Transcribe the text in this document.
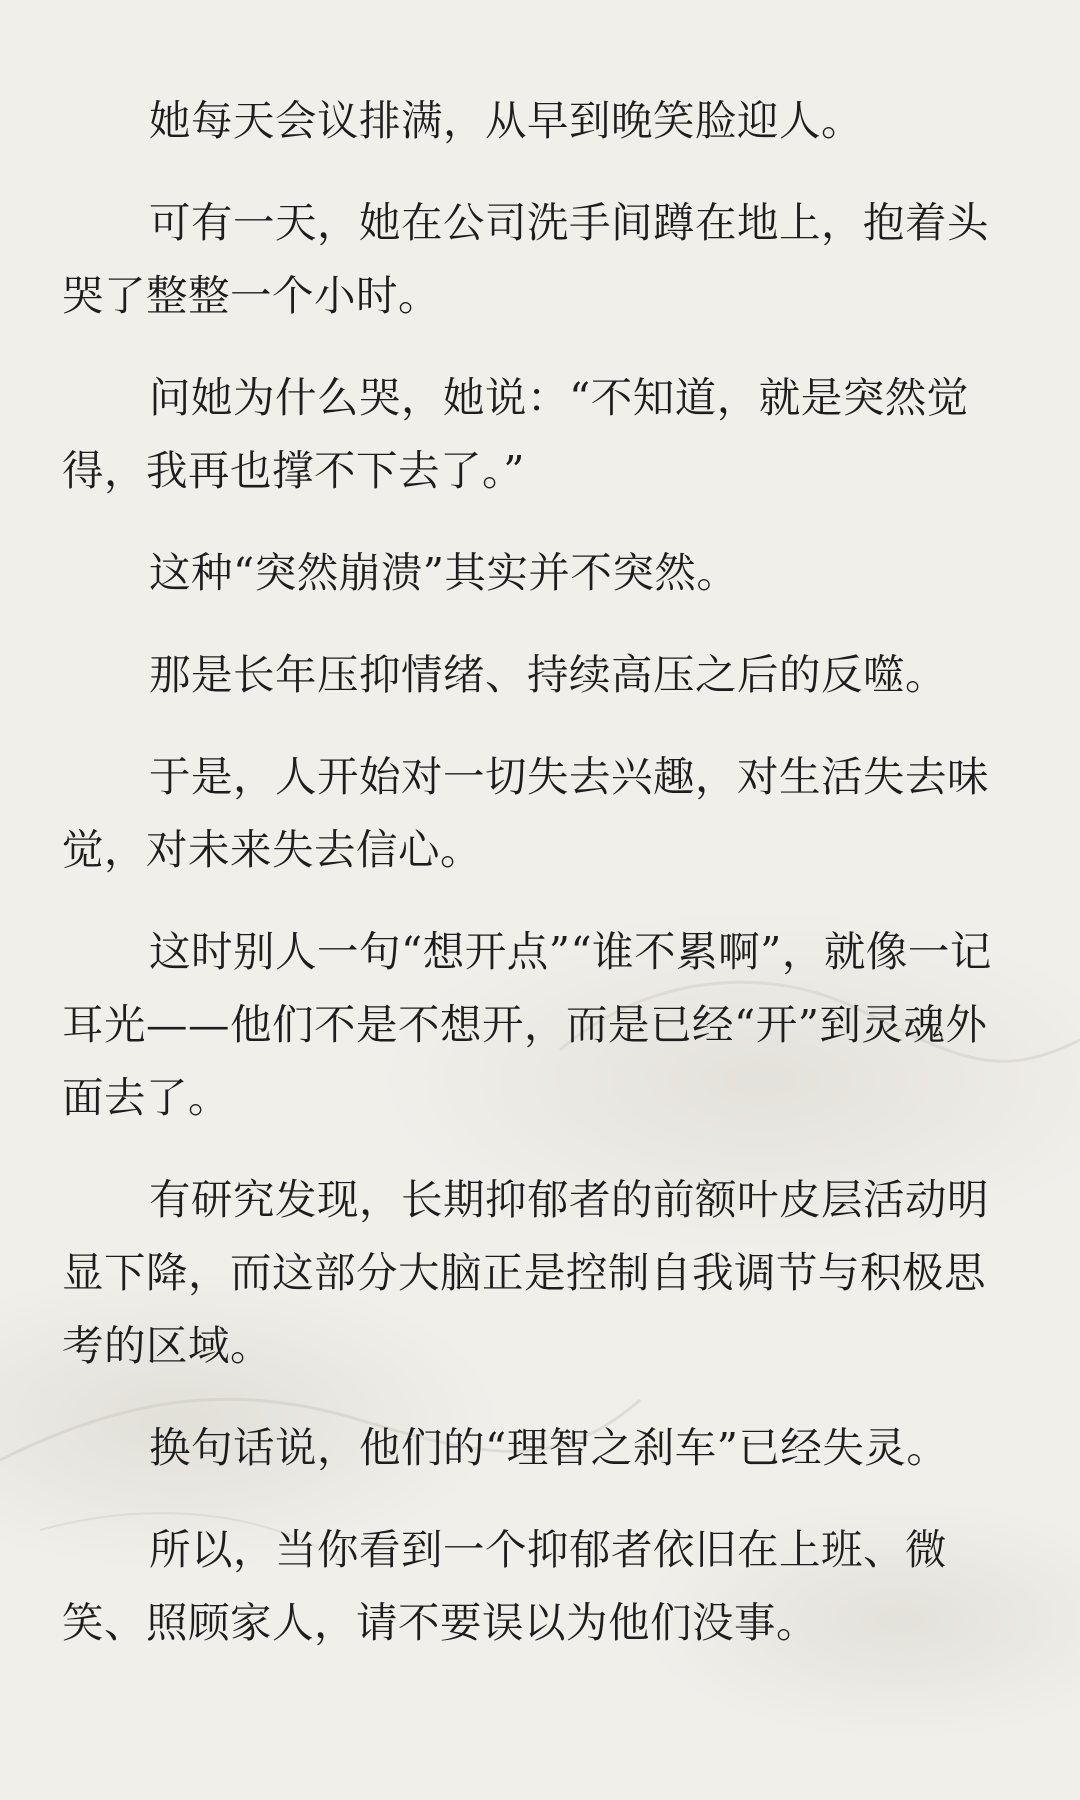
她每天会议排满，从早到晚笑脸迎人。

可有一天，她在公司洗手间蹲在地上，抱着头
哭了整整一个小时。

问她为什么哭，她说：“不知道，就是突然觉
得，我再也撑不下去了。”

这种“突然崩溃”其实并不突然。

那是长年压抑情绪、持续高压之后的反噬。

于是，人开始对一切失去兴趣，对生活失去味
觉，对未来失去信心。

这时别人一句“想开点”“谁不累啊”，就像一记
耳光——他们不是不想开，而是已经“开”到灵魂外
面去了。

有研究发现，长期抑郁者的前额叶皮层活动明
显下降，而这部分大脑正是控制自我调节与积极思
考的区域。

换句话说，他们的“理智之刹车”已经失灵。

所以，当你看到一个抑郁者依旧在上班、微
笑、照顾家人，请不要误以为他们没事。
